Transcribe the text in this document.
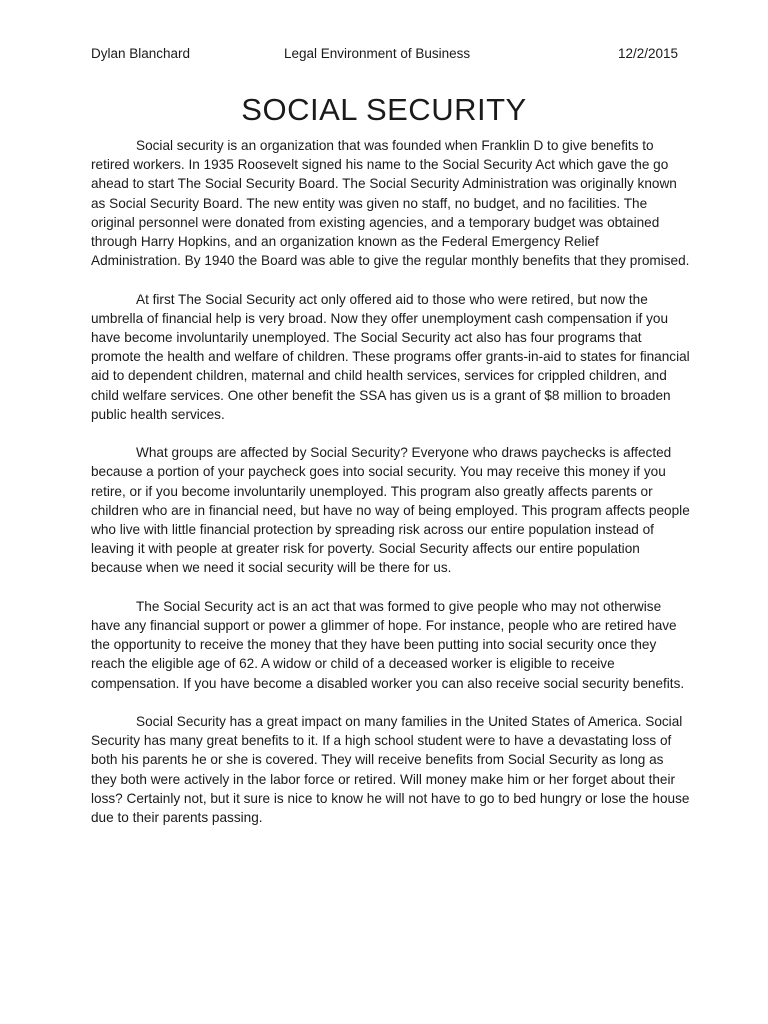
Dylan Blanchard	Legal Environment of Business	12/2/2015
SOCIAL SECURITY

Social security is an organization that was founded when Franklin D to give benefits to retired workers. In 1935 Roosevelt signed his name to the Social Security Act which gave the go ahead to start The Social Security Board. The Social Security Administration was originally known as Social Security Board. The new entity was given no staff, no budget, and no facilities. The original personnel were donated from existing agencies, and a temporary budget was obtained through Harry Hopkins, and an organization known as the Federal Emergency Relief Administration. By 1940 the Board was able to give the regular monthly benefits that they promised.

At first The Social Security act only offered aid to those who were retired, but now the umbrella of financial help is very broad. Now they offer unemployment cash compensation if you have become involuntarily unemployed. The Social Security act also has four programs that promote the health and welfare of children. These programs offer grants-in-aid to states for financial aid to dependent children, maternal and child health services, services for crippled children, and child welfare services. One other benefit the SSA has given us is a grant of $8 million to broaden public health services.

What groups are affected by Social Security? Everyone who draws paychecks is affected because a portion of your paycheck goes into social security. You may receive this money if you retire, or if you become involuntarily unemployed. This program also greatly affects parents or children who are in financial need, but have no way of being employed. This program affects people who live with little financial protection by spreading risk across our entire population instead of leaving it with people at greater risk for poverty. Social Security affects our entire population because when we need it social security will be there for us.

The Social Security act is an act that was formed to give people who may not otherwise have any financial support or power a glimmer of hope. For instance, people who are retired have the opportunity to receive the money that they have been putting into social security once they reach the eligible age of 62. A widow or child of a deceased worker is eligible to receive compensation. If you have become a disabled worker you can also receive social security benefits.

Social Security has a great impact on many families in the United States of America. Social Security has many great benefits to it. If a high school student were to have a devastating loss of both his parents he or she is covered. They will receive benefits from Social Security as long as they both were actively in the labor force or retired. Will money make him or her forget about their loss? Certainly not, but it sure is nice to know he will not have to go to bed hungry or lose the house due to their parents passing.
